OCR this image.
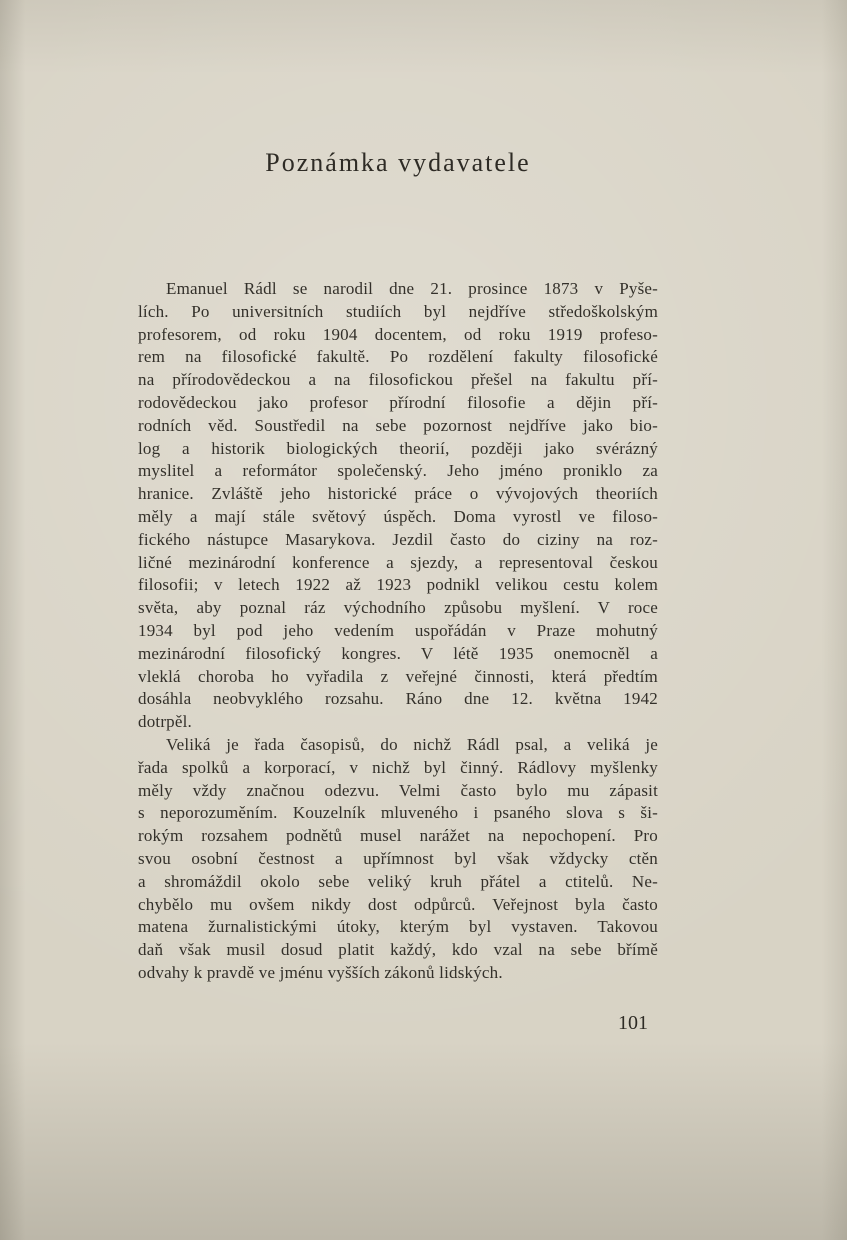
Poznámka vydavatele
Emanuel Rádl se narodil dne 21. prosince 1873 v Pyše-
lích. Po universitních studiích byl nejdříve středoškolským
profesorem, od roku 1904 docentem, od roku 1919 profeso-
rem na filosofické fakultě. Po rozdělení fakulty filosofické
na přírodovědeckou a na filosofickou přešel na fakultu pří-
rodovědeckou jako profesor přírodní filosofie a dějin pří-
rodních věd. Soustředil na sebe pozornost nejdříve jako bio-
log a historik biologických theorií, později jako svérázný
myslitel a reformátor společenský. Jeho jméno proniklo za
hranice. Zvláště jeho historické práce o vývojových theoriích
měly a mají stále světový úspěch. Doma vyrostl ve filoso-
fického nástupce Masarykova. Jezdil často do ciziny na roz-
ličné mezinárodní konference a sjezdy, a representoval českou
filosofii; v letech 1922 až 1923 podnikl velikou cestu kolem
světa, aby poznal ráz východního způsobu myšlení. V roce
1934 byl pod jeho vedením uspořádán v Praze mohutný
mezinárodní filosofický kongres. V létě 1935 onemocněl a
vleklá choroba ho vyřadila z veřejné činnosti, která předtím
dosáhla neobvyklého rozsahu. Ráno dne 12. května 1942
dotrpěl.
Veliká je řada časopisů, do nichž Rádl psal, a veliká je
řada spolků a korporací, v nichž byl činný. Rádlovy myšlenky
měly vždy značnou odezvu. Velmi často bylo mu zápasit
s neporozuměním. Kouzelník mluveného i psaného slova s ši-
rokým rozsahem podnětů musel narážet na nepochopení. Pro
svou osobní čestnost a upřímnost byl však vždycky ctěn
a shromáždil okolo sebe veliký kruh přátel a ctitelů. Ne-
chybělo mu ovšem nikdy dost odpůrců. Veřejnost byla často
matena žurnalistickými útoky, kterým byl vystaven. Takovou
daň však musil dosud platit každý, kdo vzal na sebe břímě
odvahy k pravdě ve jménu vyšších zákonů lidských.
101
